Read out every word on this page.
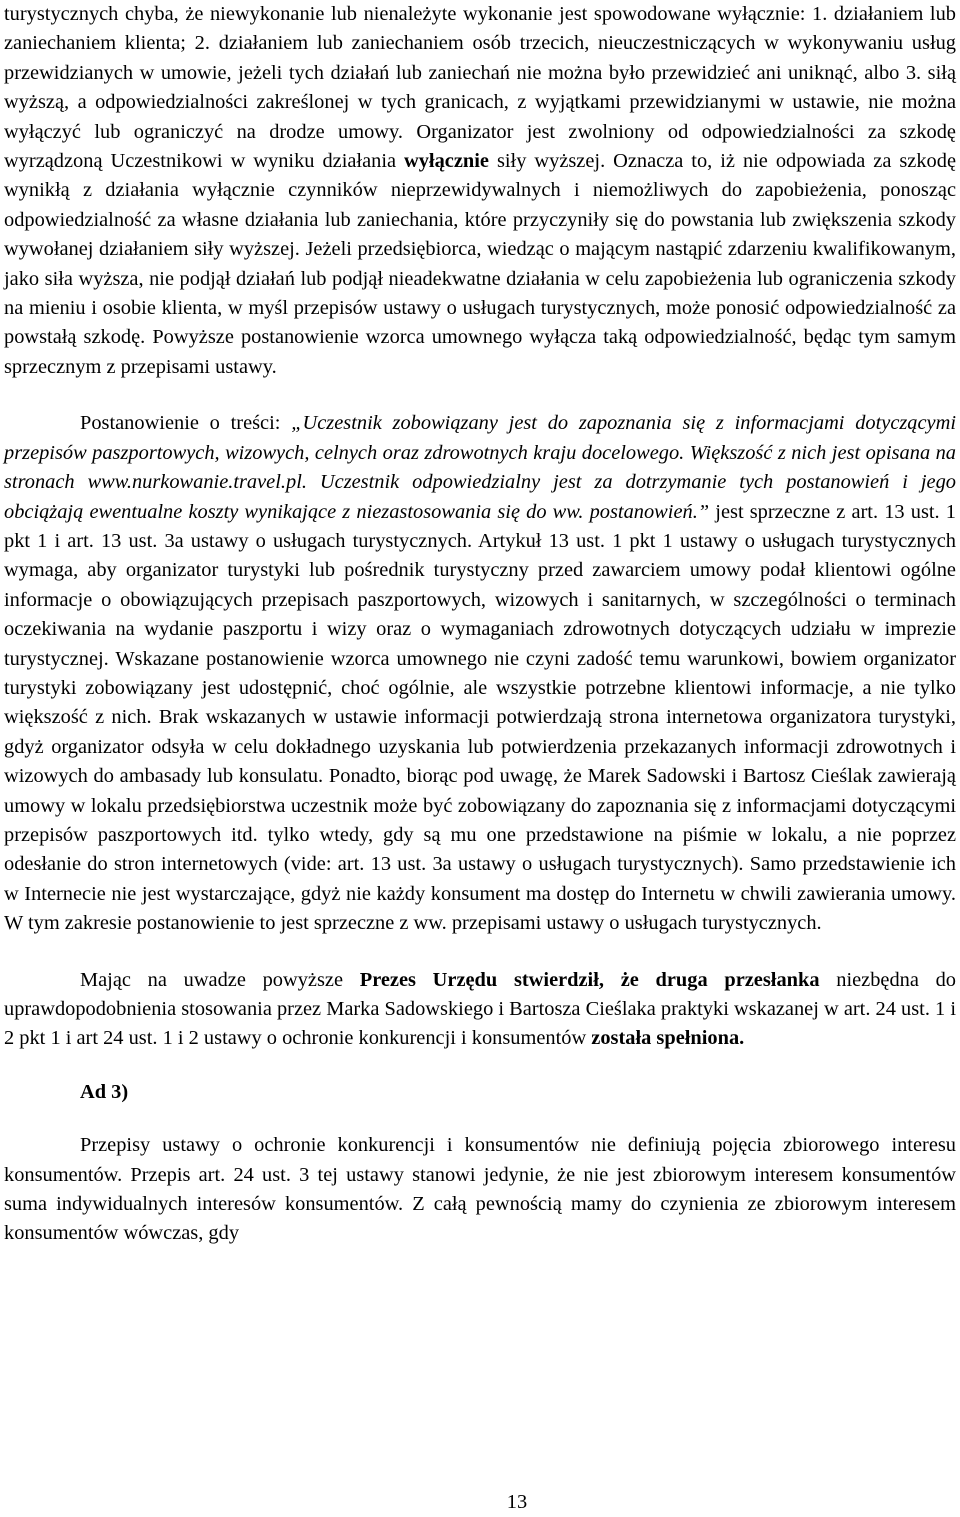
turystycznych chyba, że niewykonanie lub nienależyte wykonanie jest spowodowane wyłącznie: 1. działaniem lub zaniechaniem klienta; 2. działaniem lub zaniechaniem osób trzecich, nieuczestniczących w wykonywaniu usług przewidzianych w umowie, jeżeli tych działań lub zaniechań nie można było przewidzieć ani uniknąć, albo 3. siłą wyższą, a odpowiedzialności zakreślonej w tych granicach, z wyjątkami przewidzianymi w ustawie, nie można wyłączyć lub ograniczyć na drodze umowy. Organizator jest zwolniony od odpowiedzialności za szkodę wyrządzoną Uczestnikowi w wyniku działania wyłącznie siły wyższej. Oznacza to, iż nie odpowiada za szkodę wynikłą z działania wyłącznie czynników nieprzewidywalnych i niemożliwych do zapobieżenia, ponosząc odpowiedzialność za własne działania lub zaniechania, które przyczyniły się do powstania lub zwiększenia szkody wywołanej działaniem siły wyższej. Jeżeli przedsiębiorca, wiedząc o mającym nastąpić zdarzeniu kwalifikowanym, jako siła wyższa, nie podjął działań lub podjął nieadekwatne działania w celu zapobieżenia lub ograniczenia szkody na mieniu i osobie klienta, w myśl przepisów ustawy o usługach turystycznych, może ponosić odpowiedzialność za powstałą szkodę. Powyższe postanowienie wzorca umownego wyłącza taką odpowiedzialność, będąc tym samym sprzecznym z przepisami ustawy.

Postanowienie o treści: „Uczestnik zobowiązany jest do zapoznania się z informacjami dotyczącymi przepisów paszportowych, wizowych, celnych oraz zdrowotnych kraju docelowego. Większość z nich jest opisana na stronach www.nurkowanie.travel.pl. Uczestnik odpowiedzialny jest za dotrzymanie tych postanowień i jego obciążają ewentualne koszty wynikające z niezastosowania się do ww. postanowień.” jest sprzeczne z art. 13 ust. 1 pkt 1 i art. 13 ust. 3a ustawy o usługach turystycznych. Artykuł 13 ust. 1 pkt 1 ustawy o usługach turystycznych wymaga, aby organizator turystyki lub pośrednik turystyczny przed zawarciem umowy podał klientowi ogólne informacje o obowiązujących przepisach paszportowych, wizowych i sanitarnych, w szczególności o terminach oczekiwania na wydanie paszportu i wizy oraz o wymaganiach zdrowotnych dotyczących udziału w imprezie turystycznej. Wskazane postanowienie wzorca umownego nie czyni zadość temu warunkowi, bowiem organizator turystyki zobowiązany jest udostępnić, choć ogólnie, ale wszystkie potrzebne klientowi informacje, a nie tylko większość z nich. Brak wskazanych w ustawie informacji potwierdzają strona internetowa organizatora turystyki, gdyż organizator odsyła w celu dokładnego uzyskania lub potwierdzenia przekazanych informacji zdrowotnych i wizowych do ambasady lub konsulatu. Ponadto, biorąc pod uwagę, że Marek Sadowski i Bartosz Cieślak zawierają umowy w lokalu przedsiębiorstwa uczestnik może być zobowiązany do zapoznania się z informacjami dotyczącymi przepisów paszportowych itd. tylko wtedy, gdy są mu one przedstawione na piśmie w lokalu, a nie poprzez odesłanie do stron internetowych (vide: art. 13 ust. 3a ustawy o usługach turystycznych). Samo przedstawienie ich w Internecie nie jest wystarczające, gdyż nie każdy konsument ma dostęp do Internetu w chwili zawierania umowy. W tym zakresie postanowienie to jest sprzeczne z ww. przepisami ustawy o usługach turystycznych.

Mając na uwadze powyższe Prezes Urzędu stwierdził, że druga przesłanka niezbędna do uprawdopodobnienia stosowania przez Marka Sadowskiego i Bartosza Cieślaka praktyki wskazanej w art. 24 ust. 1 i 2 pkt 1 i art 24 ust. 1 i 2 ustawy o ochronie konkurencji i konsumentów została spełniona.

Ad 3)

Przepisy ustawy o ochronie konkurencji i konsumentów nie definiują pojęcia zbiorowego interesu konsumentów. Przepis art. 24 ust. 3 tej ustawy stanowi jedynie, że nie jest zbiorowym interesem konsumentów suma indywidualnych interesów konsumentów. Z całą pewnością mamy do czynienia ze zbiorowym interesem konsumentów wówczas, gdy

13
